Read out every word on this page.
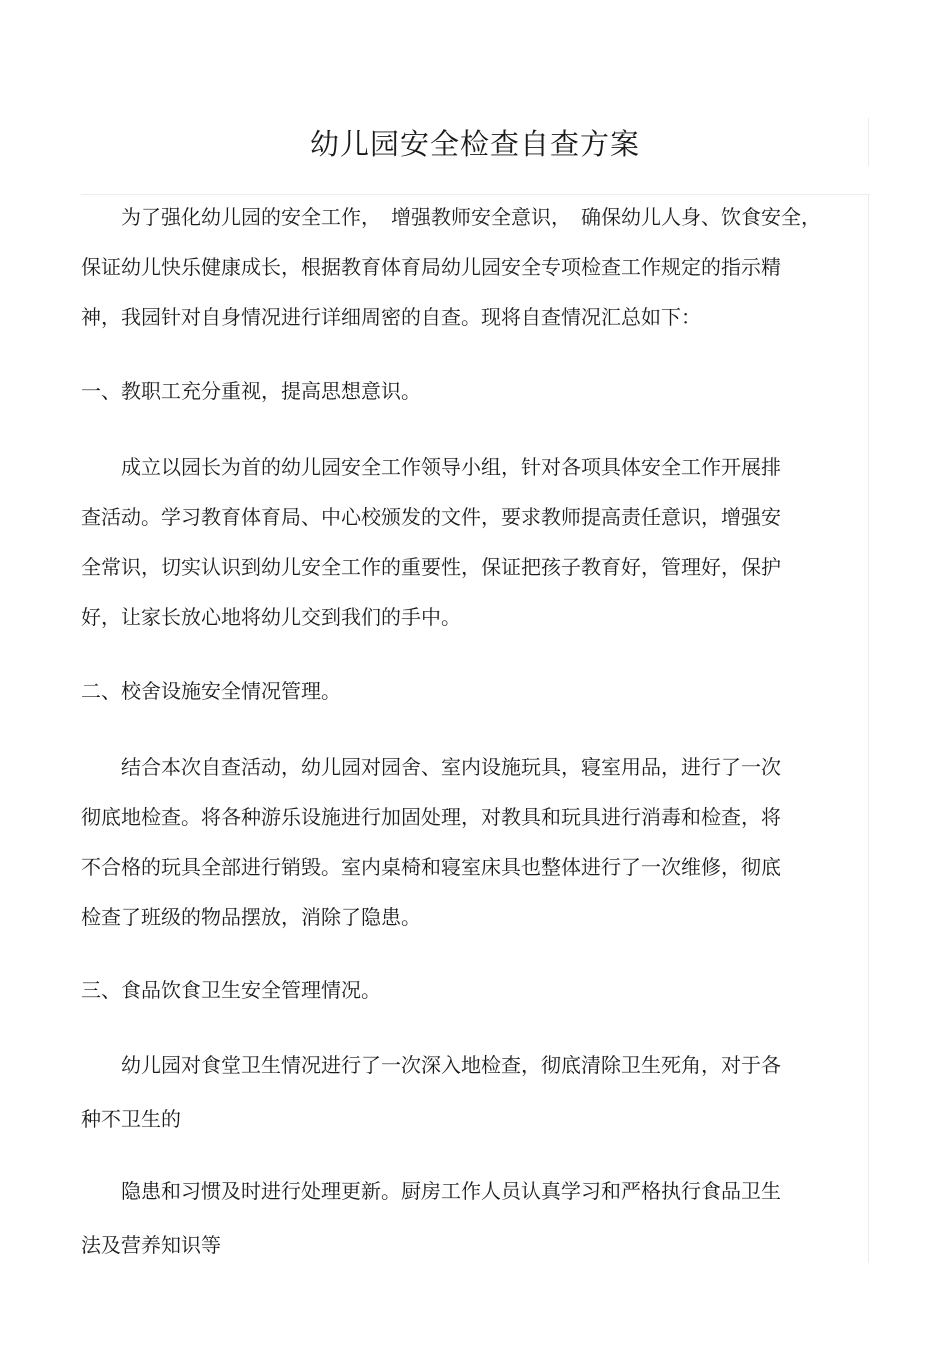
幼儿园安全检查自查方案
为了强化幼儿园的安全工作，　增强教师安全意识，　确保幼儿人身、饮食安全，
保证幼儿快乐健康成长，根据教育体育局幼儿园安全专项检查工作规定的指示精
神，我园针对自身情况进行详细周密的自查。现将自查情况汇总如下：
一、教职工充分重视，提高思想意识。
成立以园长为首的幼儿园安全工作领导小组，针对各项具体安全工作开展排
查活动。学习教育体育局、中心校颁发的文件，要求教师提高责任意识，增强安
全常识，切实认识到幼儿安全工作的重要性，保证把孩子教育好，管理好，保护
好，让家长放心地将幼儿交到我们的手中。
二、校舍设施安全情况管理。
结合本次自查活动，幼儿园对园舍、室内设施玩具，寝室用品，进行了一次
彻底地检查。将各种游乐设施进行加固处理，对教具和玩具进行消毒和检查，将
不合格的玩具全部进行销毁。室内桌椅和寝室床具也整体进行了一次维修，彻底
检查了班级的物品摆放，消除了隐患。
三、食品饮食卫生安全管理情况。
幼儿园对食堂卫生情况进行了一次深入地检查，彻底清除卫生死角，对于各
种不卫生的
隐患和习惯及时进行处理更新。厨房工作人员认真学习和严格执行食品卫生
法及营养知识等
